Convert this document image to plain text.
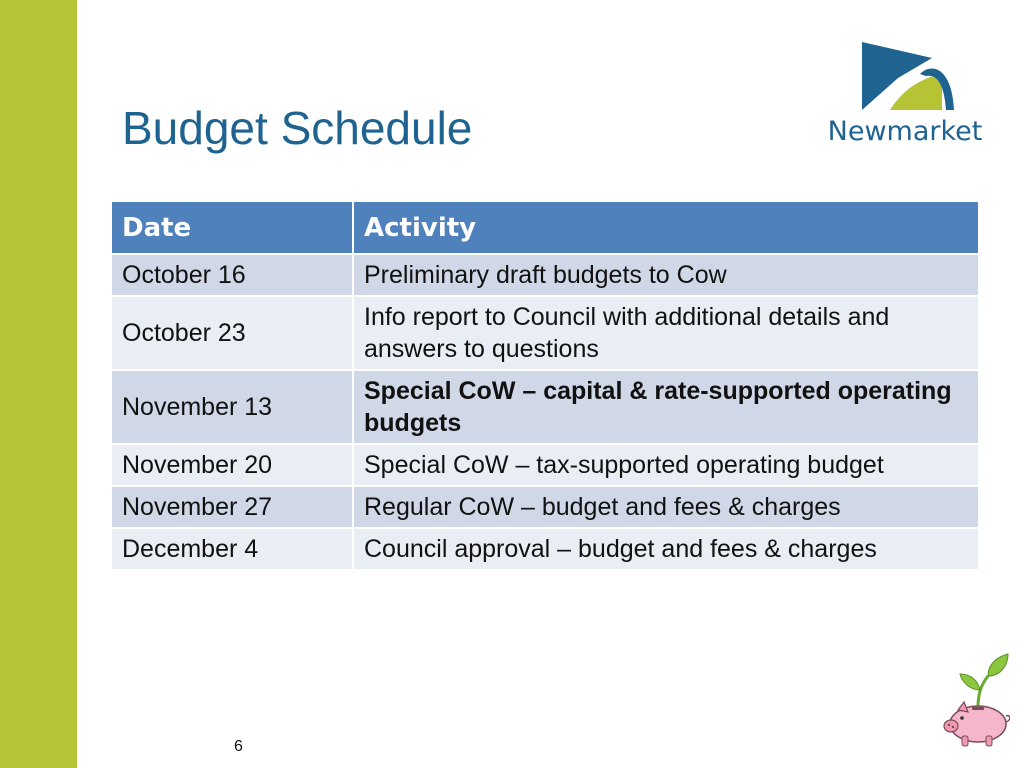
Budget Schedule	Newmarket
Date	Activity
October 16	Preliminary draft budgets to Cow
October 23	Info report to Council with additional details and answers to questions
November 13	Special CoW – capital & rate-supported operating budgets
November 20	Special CoW – tax-supported operating budget
November 27	Regular CoW – budget and fees & charges
December 4	Council approval – budget and fees & charges
6
